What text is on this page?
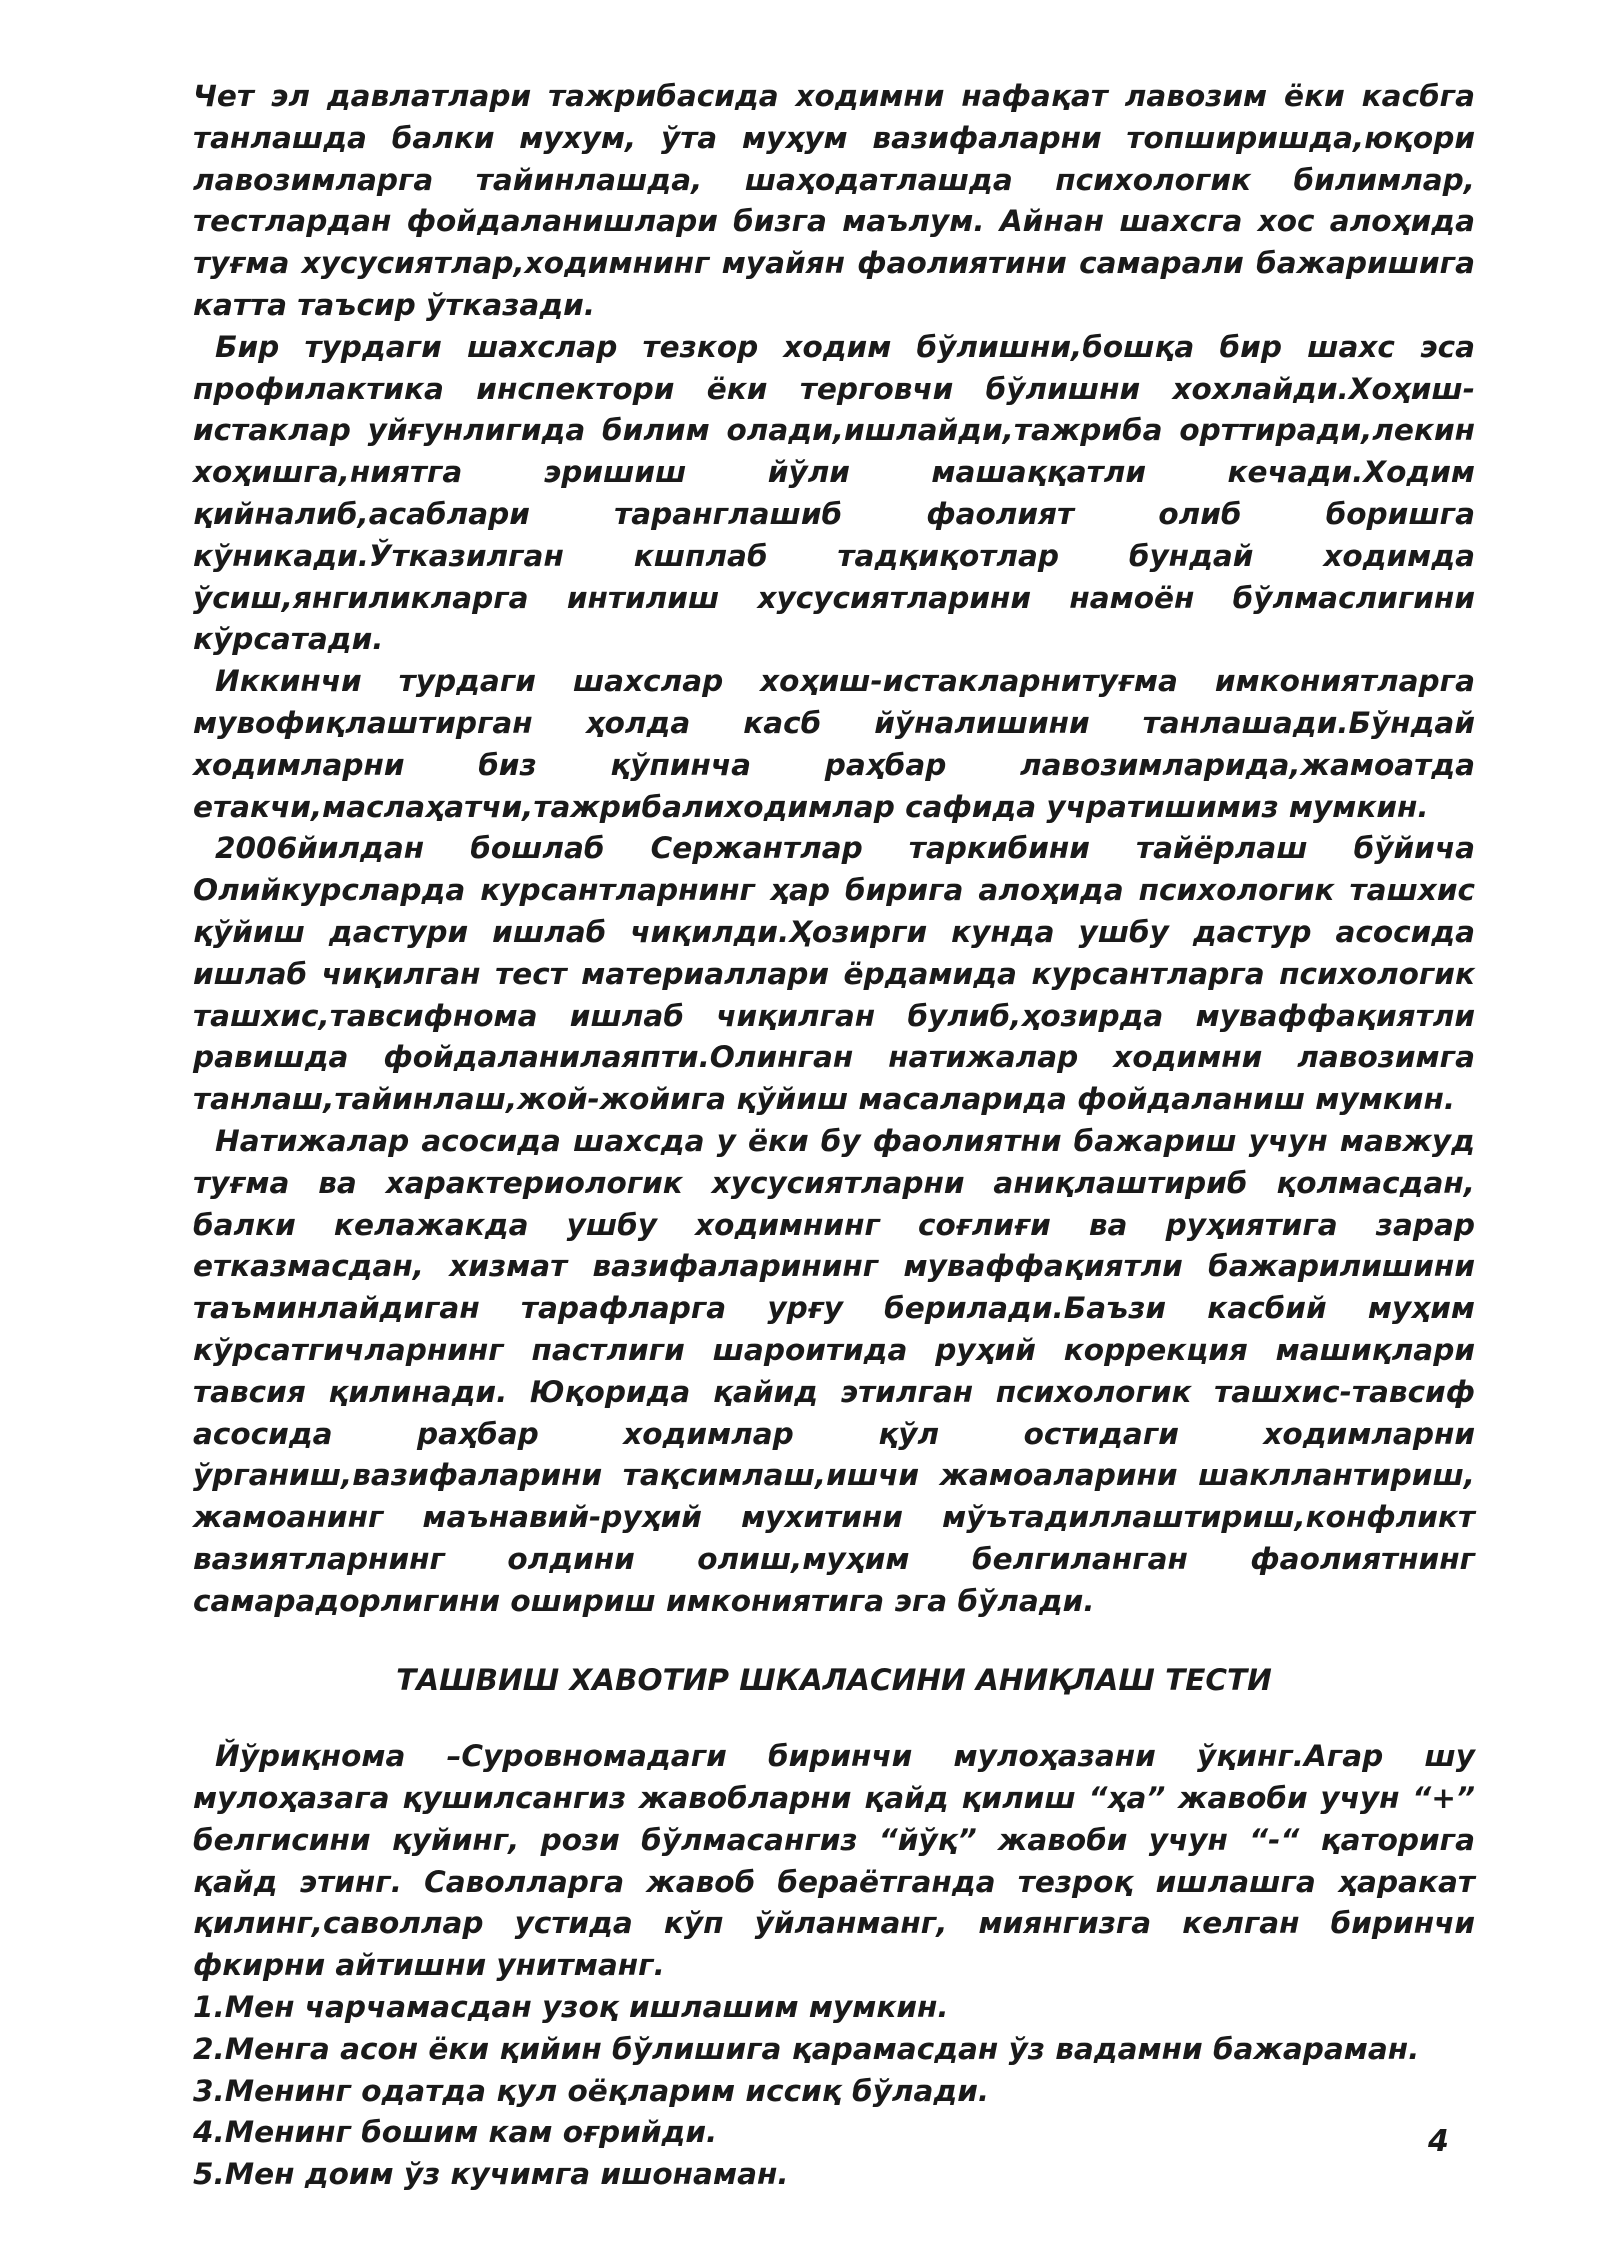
Чет эл давлатлари тажрибасида ходимни нафақат лавозим ёки касбга танлашда балки мухум, ўта муҳум вазифаларни топширишда,юқори лавозимларга тайинлашда, шаҳодатлашда психологик билимлар, тестлардан фойдаланишлари бизга маълум. Айнан шахсга хос алоҳида туғма хусусиятлар,ходимнинг муайян фаолиятини самарали бажаришига катта таъсир ўтказади.

Бир турдаги шахслар тезкор ходим бўлишни,бошқа бир шахс эса профилактика инспектори ёки терговчи бўлишни хохлайди.Хоҳиш-истаклар уйғунлигида билим олади,ишлайди,тажриба орттиради,лекин хоҳишга,ниятга эришиш йўли машаққатли кечади.Ходим қийналиб,асаблари таранглашиб фаолият олиб боришга кўникади.Ўтказилган кшплаб тадқиқотлар бундай ходимда ўсиш,янгиликларга интилиш хусусиятларини намоён бўлмаслигини кўрсатади.

Иккинчи турдаги шахслар хоҳиш-истакларнитуғма имкониятларга мувофиқлаштирган ҳолда касб йўналишини танлашади.Бўндай ходимларни биз қўпинча раҳбар лавозимларида,жамоатда етакчи,маслаҳатчи,тажрибалиходимлар сафида учратишимиз мумкин.

2006йилдан бошлаб Сержантлар таркибини тайёрлаш бўйича Олийкурсларда курсантларнинг ҳар бирига алоҳида психологик ташхис қўйиш дастури ишлаб чиқилди.Ҳозирги кунда ушбу дастур асосида ишлаб чиқилган тест материаллари ёрдамида курсантларга психологик ташхис,тавсифнома ишлаб чиқилган булиб,ҳозирда муваффақиятли равишда фойдаланилаяпти.Олинган натижалар ходимни лавозимга танлаш,тайинлаш,жой-жойига қўйиш масаларида фойдаланиш мумкин.

Натижалар асосида шахсда у ёки бу фаолиятни бажариш учун мавжуд туғма ва характериологик хусусиятларни аниқлаштириб қолмасдан, балки келажакда ушбу ходимнинг соғлиғи ва руҳиятига зарар етказмасдан, хизмат вазифаларининг муваффақиятли бажарилишини таъминлайдиган тарафларга урғу берилади.Баъзи касбий муҳим кўрсатгичларнинг пастлиги шароитида руҳий коррекция машиқлари тавсия қилинади. Юқорида қайид этилган психологик ташхис-тавсиф асосида раҳбар ходимлар қўл остидаги ходимларни ўрганиш,вазифаларини тақсимлаш,ишчи жамоаларини шакллантириш, жамоанинг маънавий-руҳий мухитини мўътадиллаштириш,конфликт вазиятларнинг олдини олиш,муҳим белгиланган фаолиятнинг самарадорлигини ошириш имкониятига эга бўлади.

ТАШВИШ ХАВОТИР ШКАЛАСИНИ АНИҚЛАШ ТЕСТИ

Йўриқнома –Суровномадаги биринчи мулоҳазани ўқинг.Агар шу мулоҳазага қушилсангиз жавобларни қайд қилиш “ҳа” жавоби учун “+” белгисини қуйинг, рози бўлмасангиз “йўқ” жавоби учун “-“ қаторига қайд этинг. Саволларга жавоб бераётганда тезроқ ишлашга ҳаракат қилинг,саволлар устида кўп ўйланманг, миянгизга келган биринчи фкирни айтишни унитманг.

1.Мен чарчамасдан узоқ ишлашим мумкин.
2.Менга асон ёки қийин бўлишига қарамасдан ўз вадамни бажараман.
3.Менинг одатда қул оёқларим иссиқ бўлади.
4.Менинг бошим кам оғрийди.
5.Мен доим ўз кучимга ишонаман.
4
